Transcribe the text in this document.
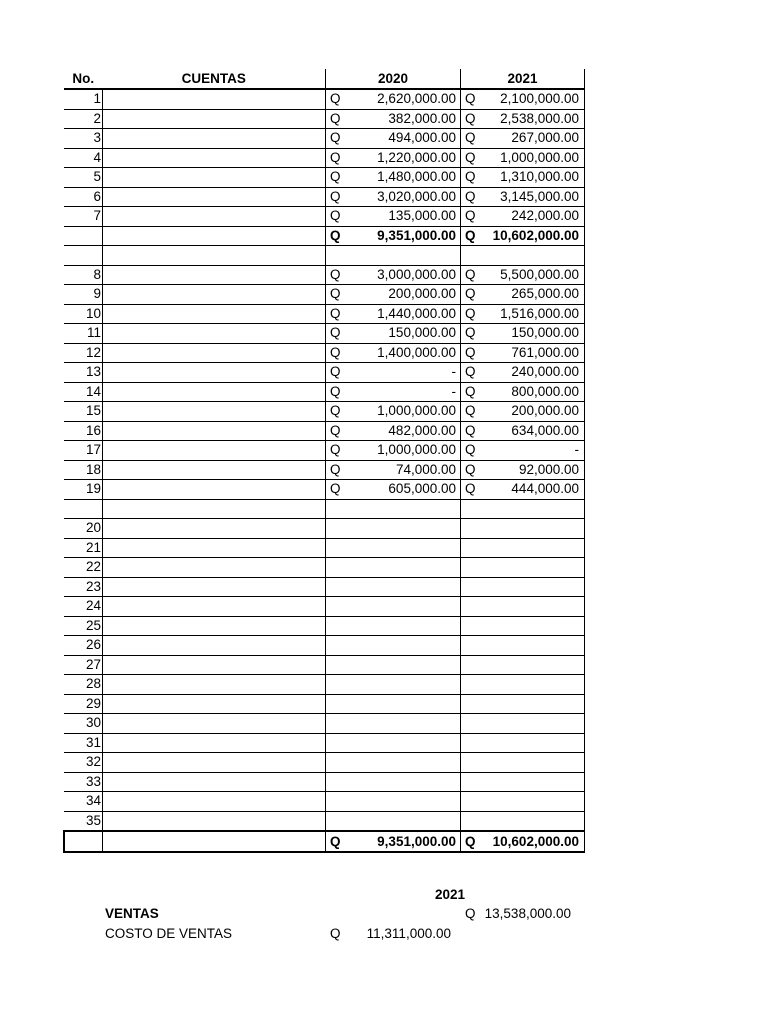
No.	CUENTAS	2020		2021	
1		Q	2,620,000.00	Q	2,100,000.00
2		Q	382,000.00	Q	2,538,000.00
3		Q	494,000.00	Q	267,000.00
4		Q	1,220,000.00	Q	1,000,000.00
5		Q	1,480,000.00	Q	1,310,000.00
6		Q	3,020,000.00	Q	3,145,000.00
7		Q	135,000.00	Q	242,000.00
		Q	9,351,000.00	Q	10,602,000.00

8		Q	3,000,000.00	Q	5,500,000.00
9		Q	200,000.00	Q	265,000.00
10		Q	1,440,000.00	Q	1,516,000.00
11		Q	150,000.00	Q	150,000.00
12		Q	1,400,000.00	Q	761,000.00
13		Q	-	Q	240,000.00
14		Q	-	Q	800,000.00
15		Q	1,000,000.00	Q	200,000.00
16		Q	482,000.00	Q	634,000.00
17		Q	1,000,000.00	Q	-
18		Q	74,000.00	Q	92,000.00
19		Q	605,000.00	Q	444,000.00

20					
21					
22					
23					
24					
25					
26					
27					
28					
29					
30					
31					
32					
33					
34					
35					
		Q	9,351,000.00	Q	10,602,000.00
2021
VENTAS	Q 13,538,000.00
COSTO DE VENTAS	Q	11,311,000.00
